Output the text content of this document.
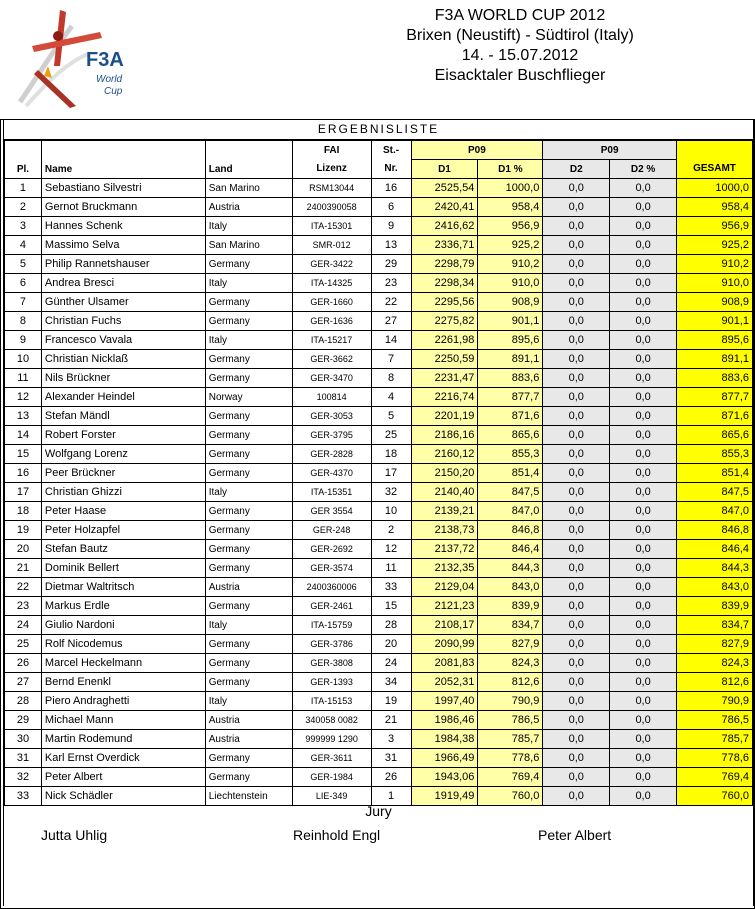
F3A
World
Cup
F3A WORLD CUP 2012
Brixen (Neustift) - Südtirol (Italy)
14. - 15.07.2012
Eisacktaler Buschflieger
ERGEBNISLISTE
Pl.	Name	Land	FAI	St.-	P09		P09		
			Lizenz	Nr.	D1	D1 %	D2	D2 %	GESAMT
1	Sebastiano Silvestri	San Marino	RSM13044	16	2525,54	1000,0	0,0	0,0	1000,0
2	Gernot Bruckmann	Austria	2400390058	6	2420,41	958,4	0,0	0,0	958,4
3	Hannes Schenk	Italy	ITA-15301	9	2416,62	956,9	0,0	0,0	956,9
4	Massimo Selva	San Marino	SMR-012	13	2336,71	925,2	0,0	0,0	925,2
5	Philip Rannetshauser	Germany	GER-3422	29	2298,79	910,2	0,0	0,0	910,2
6	Andrea Bresci	Italy	ITA-14325	23	2298,34	910,0	0,0	0,0	910,0
7	Günther Ulsamer	Germany	GER-1660	22	2295,56	908,9	0,0	0,0	908,9
8	Christian Fuchs	Germany	GER-1636	27	2275,82	901,1	0,0	0,0	901,1
9	Francesco Vavala	Italy	ITA-15217	14	2261,98	895,6	0,0	0,0	895,6
10	Christian Nicklaß	Germany	GER-3662	7	2250,59	891,1	0,0	0,0	891,1
11	Nils Brückner	Germany	GER-3470	8	2231,47	883,6	0,0	0,0	883,6
12	Alexander Heindel	Norway	100814	4	2216,74	877,7	0,0	0,0	877,7
13	Stefan Mändl	Germany	GER-3053	5	2201,19	871,6	0,0	0,0	871,6
14	Robert Forster	Germany	GER-3795	25	2186,16	865,6	0,0	0,0	865,6
15	Wolfgang Lorenz	Germany	GER-2828	18	2160,12	855,3	0,0	0,0	855,3
16	Peer Brückner	Germany	GER-4370	17	2150,20	851,4	0,0	0,0	851,4
17	Christian Ghizzi	Italy	ITA-15351	32	2140,40	847,5	0,0	0,0	847,5
18	Peter Haase	Germany	GER 3554	10	2139,21	847,0	0,0	0,0	847,0
19	Peter Holzapfel	Germany	GER-248	2	2138,73	846,8	0,0	0,0	846,8
20	Stefan Bautz	Germany	GER-2692	12	2137,72	846,4	0,0	0,0	846,4
21	Dominik Bellert	Germany	GER-3574	11	2132,35	844,3	0,0	0,0	844,3
22	Dietmar Waltritsch	Austria	2400360006	33	2129,04	843,0	0,0	0,0	843,0
23	Markus Erdle	Germany	GER-2461	15	2121,23	839,9	0,0	0,0	839,9
24	Giulio Nardoni	Italy	ITA-15759	28	2108,17	834,7	0,0	0,0	834,7
25	Rolf Nicodemus	Germany	GER-3786	20	2090,99	827,9	0,0	0,0	827,9
26	Marcel Heckelmann	Germany	GER-3808	24	2081,83	824,3	0,0	0,0	824,3
27	Bernd Enenkl	Germany	GER-1393	34	2052,31	812,6	0,0	0,0	812,6
28	Piero Andraghetti	Italy	ITA-15153	19	1997,40	790,9	0,0	0,0	790,9
29	Michael Mann	Austria	340058 0082	21	1986,46	786,5	0,0	0,0	786,5
30	Martin Rodemund	Austria	999999 1290	3	1984,38	785,7	0,0	0,0	785,7
31	Karl Ernst Overdick	Germany	GER-3611	31	1966,49	778,6	0,0	0,0	778,6
32	Peter Albert	Germany	GER-1984	26	1943,06	769,4	0,0	0,0	769,4
33	Nick Schädler	Liechtenstein	LIE-349	1	1919,49	760,0	0,0	0,0	760,0
Jury
Jutta Uhlig	Reinhold Engl	Peter Albert
